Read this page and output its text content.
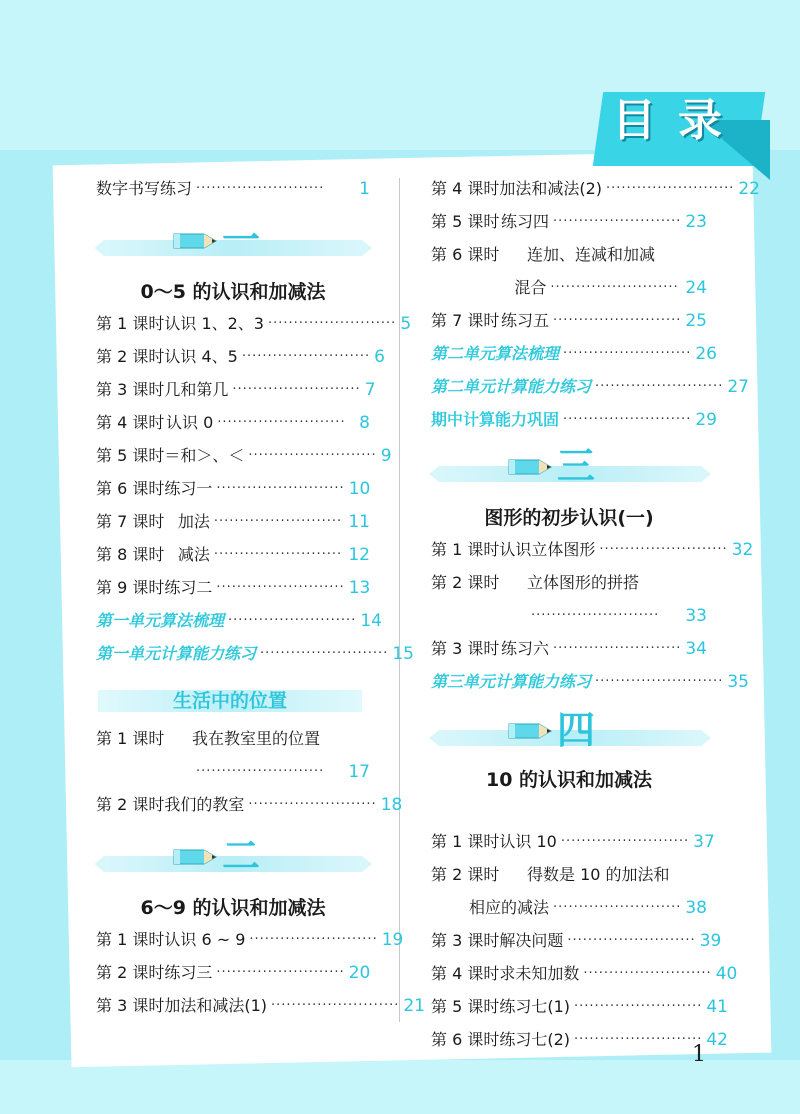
目录
数字书写练习 ·························	1
一
0～5 的认识和加减法
第 1 课时 认识 1、2、3 ························· 5
第 2 课时 认识 4、5 ························· 6
第 3 课时 几和第几 ························· 7
第 4 课时 认识 0 ························· 8
第 5 课时 ＝和＞、＜ ························· 9
第 6 课时 练习一 ························· 10
第 7 课时 加法 ························· 11
第 8 课时 减法 ························· 12
第 9 课时 练习二 ························· 13
第一单元算法梳理 ························· 14
第一单元计算能力练习 ························· 15
生活中的位置
第 1 课时	我在教室里的位置
·························	17
第 2 课时 我们的教室 ························· 18
二
6～9 的认识和加减法
第 1 课时 认识 6 ~ 9 ························· 19
第 2 课时 练习三 ························· 20
第 3 课时 加法和减法(1) ························· 21
第 4 课时 加法和减法(2) ························· 22
第 5 课时 练习四 ························· 23
第 6 课时	连加、连减和加减
混合 ························· 24
第 7 课时 练习五 ························· 25
第二单元算法梳理 ························· 26
第二单元计算能力练习 ························· 27
期中计算能力巩固 ························· 29
三
图形的初步认识(一)
第 1 课时 认识立体图形 ························· 32
第 2 课时	立体图形的拼搭
·························	33
第 3 课时 练习六 ························· 34
第三单元计算能力练习 ························· 35
四
10 的认识和加减法
第 1 课时 认识 10 ························· 37
第 2 课时	得数是 10 的加法和
相应的减法 ························· 38
第 3 课时 解决问题 ························· 39
第 4 课时 求未知加数 ························· 40
第 5 课时 练习七(1) ························· 41
第 6 课时 练习七(2) ························· 42
1
